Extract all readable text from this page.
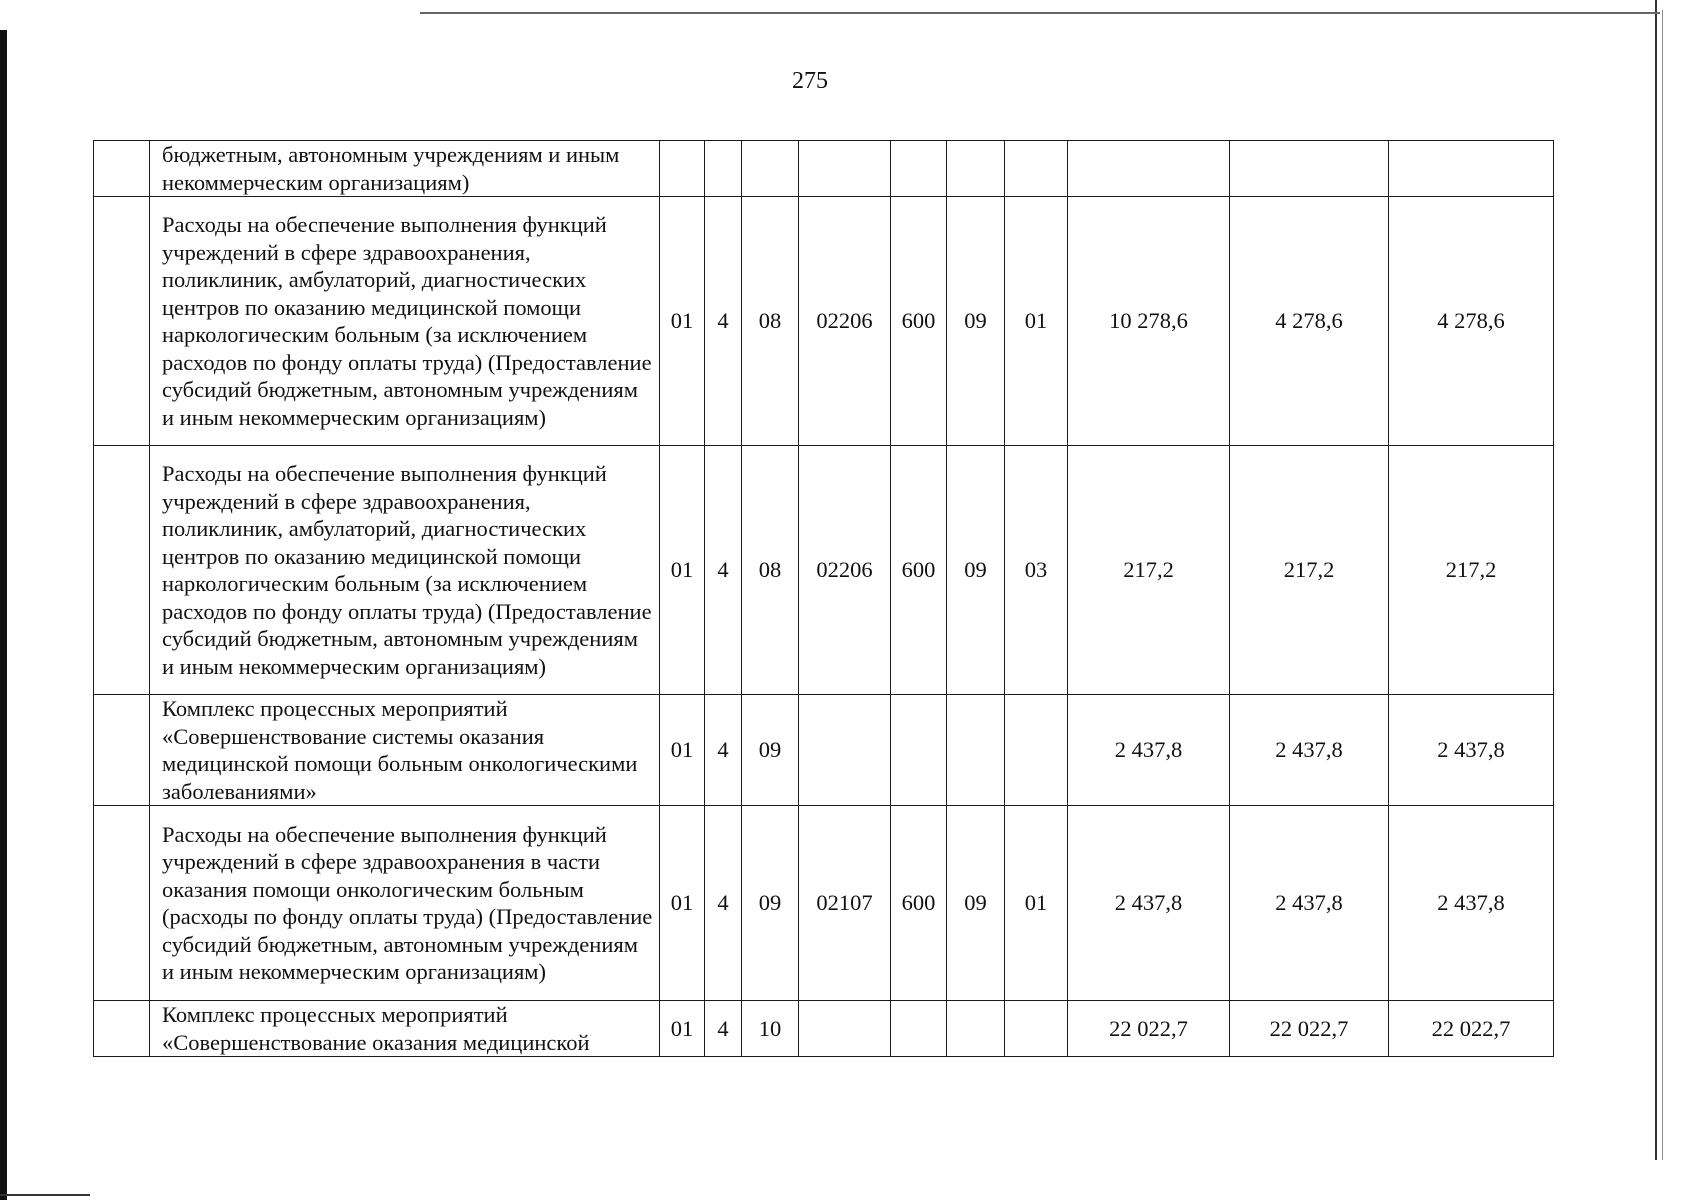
275
	бюджетным, автономным учреждениям и иным некоммерческим организациям)										
	Расходы на обеспечение выполнения функций учреждений в сфере здравоохранения, поликлиник, амбулаторий, диагностических центров по оказанию медицинской помощи наркологическим больным (за исключением расходов по фонду оплаты труда) (Предоставление субсидий бюджетным, автономным учреждениям и иным некоммерческим организациям)	01	4	08	02206	600	09	01	10 278,6	4 278,6	4 278,6
	Расходы на обеспечение выполнения функций учреждений в сфере здравоохранения, поликлиник, амбулаторий, диагностических центров по оказанию медицинской помощи наркологическим больным (за исключением расходов по фонду оплаты труда) (Предоставление субсидий бюджетным, автономным учреждениям и иным некоммерческим организациям)	01	4	08	02206	600	09	03	217,2	217,2	217,2
	Комплекс процессных мероприятий «Совершенствование системы оказания медицинской помощи больным онкологическими заболеваниями»	01	4	09					2 437,8	2 437,8	2 437,8
	Расходы на обеспечение выполнения функций учреждений в сфере здравоохранения в части оказания помощи онкологическим больным (расходы по фонду оплаты труда) (Предоставление субсидий бюджетным, автономным учреждениям и иным некоммерческим организациям)	01	4	09	02107	600	09	01	2 437,8	2 437,8	2 437,8
	Комплекс процессных мероприятий «Совершенствование оказания медицинской	01	4	10					22 022,7	22 022,7	22 022,7
